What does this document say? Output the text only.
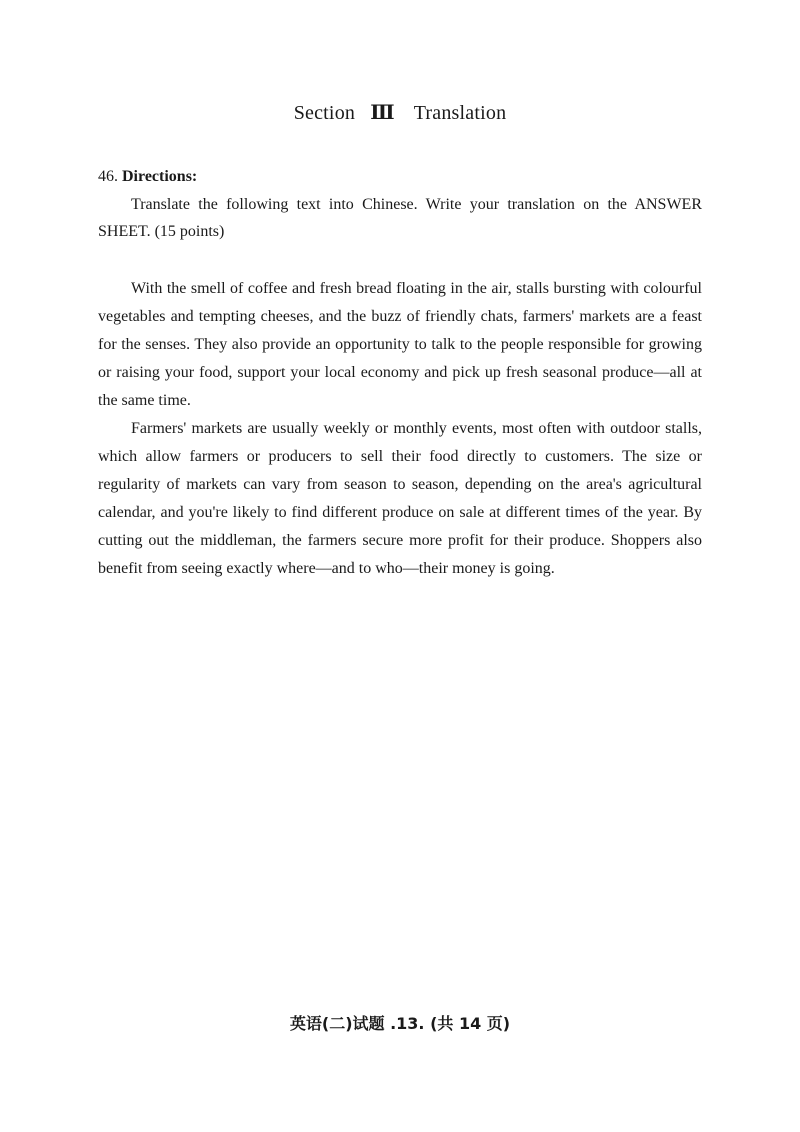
Section Ⅲ Translation
46. Directions:
Translate the following text into Chinese. Write your translation on the ANSWER SHEET. (15 points)

With the smell of coffee and fresh bread floating in the air, stalls bursting with colourful vegetables and tempting cheeses, and the buzz of friendly chats, farmers' markets are a feast for the senses. They also provide an opportunity to talk to the people responsible for growing or raising your food, support your local economy and pick up fresh seasonal produce—all at the same time.

Farmers' markets are usually weekly or monthly events, most often with outdoor stalls, which allow farmers or producers to sell their food directly to customers. The size or regularity of markets can vary from season to season, depending on the area's agricultural calendar, and you're likely to find different produce on sale at different times of the year. By cutting out the middleman, the farmers secure more profit for their produce. Shoppers also benefit from seeing exactly where—and to who—their money is going.

英语(二)试题 .13. (共 14 页)
